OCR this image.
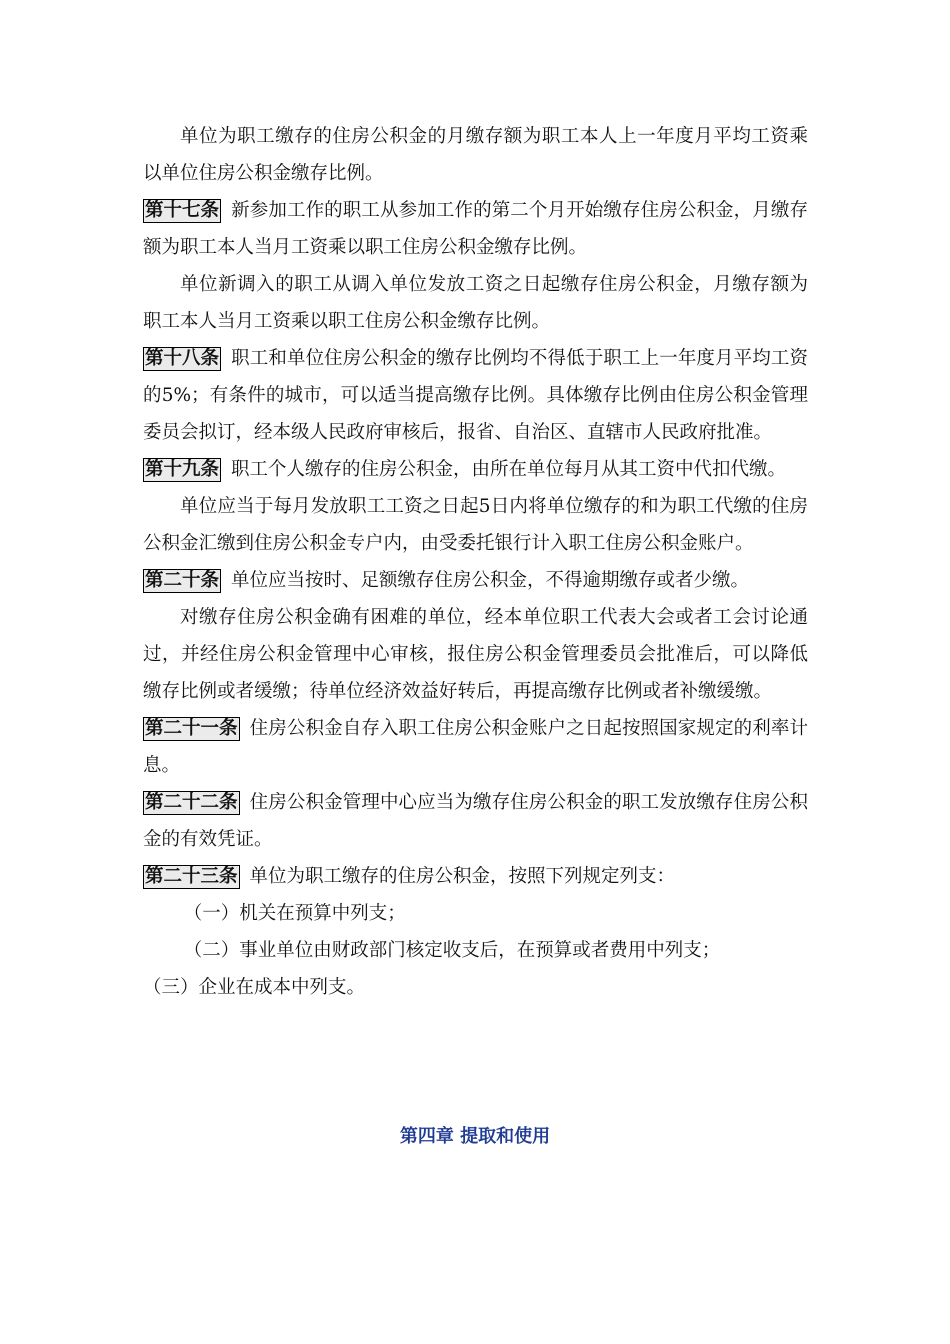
单位为职工缴存的住房公积金的月缴存额为职工本人上一年度月平均工资乘以单位住房公积金缴存比例。

第十七条 新参加工作的职工从参加工作的第二个月开始缴存住房公积金，月缴存额为职工本人当月工资乘以职工住房公积金缴存比例。

单位新调入的职工从调入单位发放工资之日起缴存住房公积金，月缴存额为职工本人当月工资乘以职工住房公积金缴存比例。

第十八条 职工和单位住房公积金的缴存比例均不得低于职工上一年度月平均工资的5%；有条件的城市，可以适当提高缴存比例。具体缴存比例由住房公积金管理委员会拟订，经本级人民政府审核后，报省、自治区、直辖市人民政府批准。

第十九条 职工个人缴存的住房公积金，由所在单位每月从其工资中代扣代缴。

单位应当于每月发放职工工资之日起5日内将单位缴存的和为职工代缴的住房公积金汇缴到住房公积金专户内，由受委托银行计入职工住房公积金账户。

第二十条 单位应当按时、足额缴存住房公积金，不得逾期缴存或者少缴。

对缴存住房公积金确有困难的单位，经本单位职工代表大会或者工会讨论通过，并经住房公积金管理中心审核，报住房公积金管理委员会批准后，可以降低缴存比例或者缓缴；待单位经济效益好转后，再提高缴存比例或者补缴缓缴。

第二十一条 住房公积金自存入职工住房公积金账户之日起按照国家规定的利率计息。

第二十二条 住房公积金管理中心应当为缴存住房公积金的职工发放缴存住房公积金的有效凭证。

第二十三条 单位为职工缴存的住房公积金，按照下列规定列支：

（一）机关在预算中列支；

（二）事业单位由财政部门核定收支后，在预算或者费用中列支；

（三）企业在成本中列支。

第四章 提取和使用
